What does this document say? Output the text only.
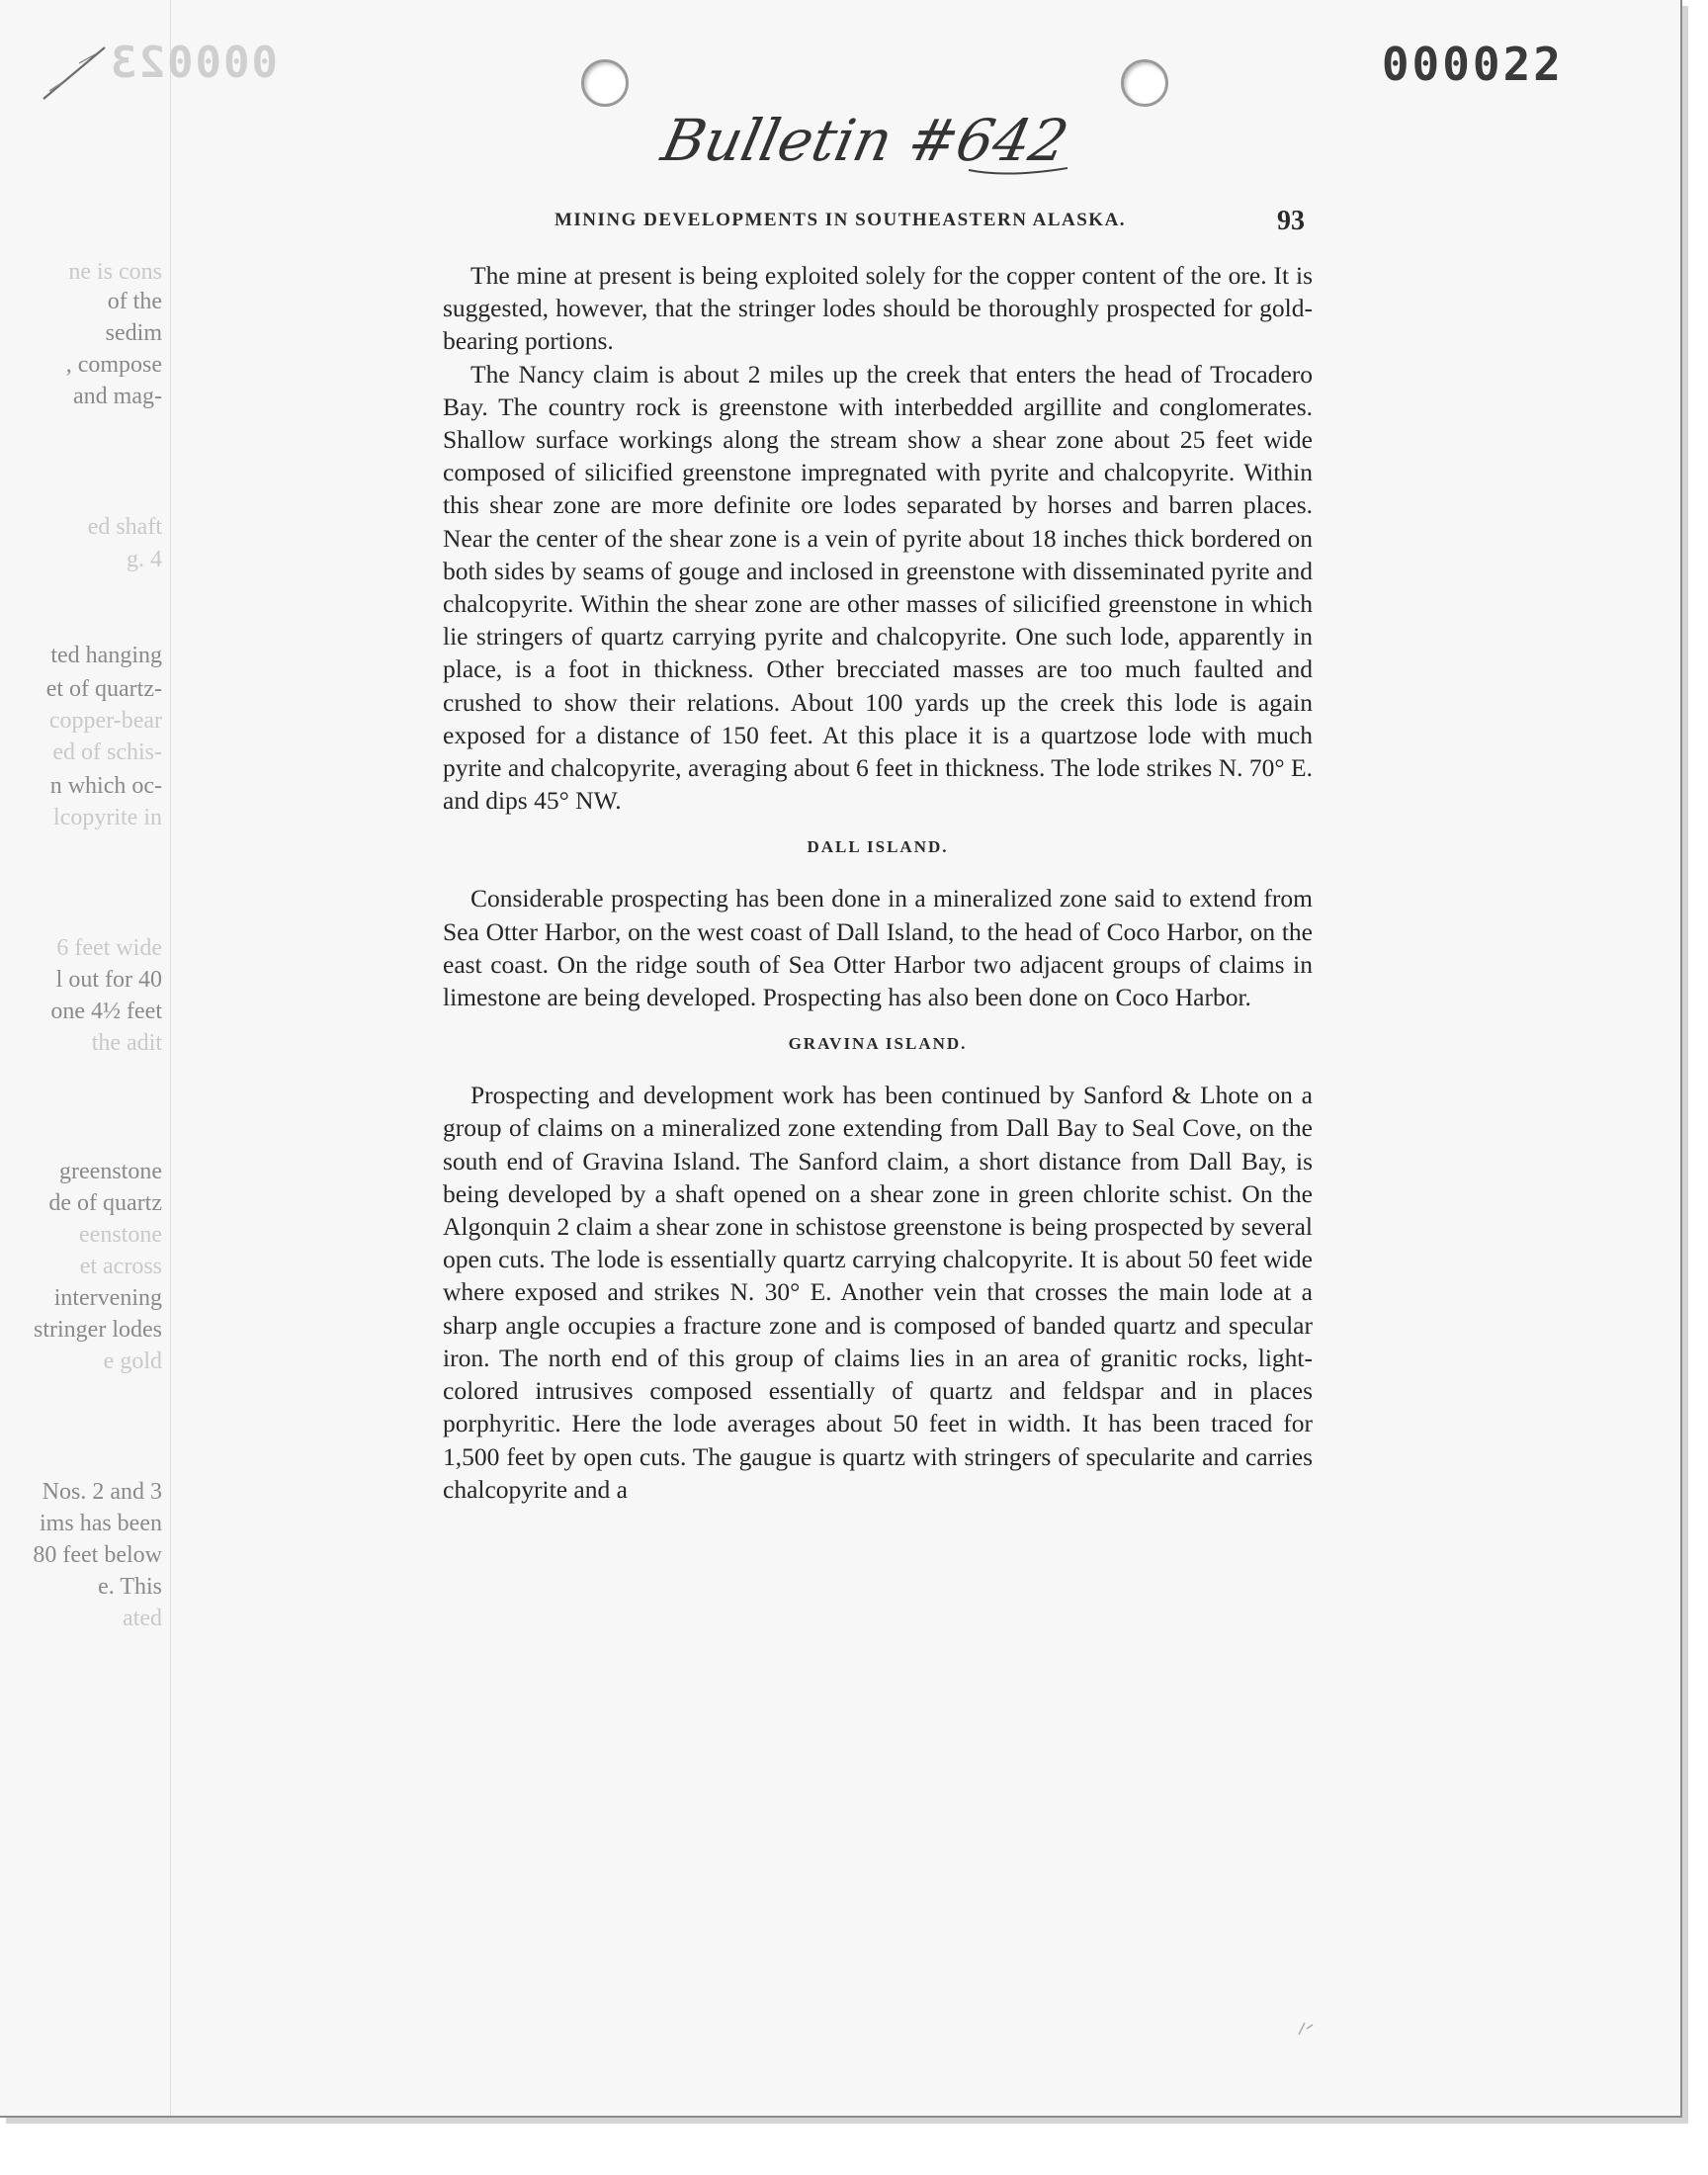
000023
ne is cons
of the
sedim
, compose
and mag-
ed shaft
g. 4
ted hanging
et of quartz-
copper-bear
ed of schis-
n which oc-
lcopyrite in
6 feet wide
l out for 40
one 4½ feet
the adit
greenstone
de of quartz
eenstone
et across
intervening
stringer lodes
e gold
Nos. 2 and 3
ims has been
80 feet below
e. This
ated
000022
Bulletin #642
MINING DEVELOPMENTS IN SOUTHEASTERN ALASKA.	93

The mine at present is being exploited solely for the copper content of the ore. It is suggested, however, that the stringer lodes should be thoroughly prospected for gold-bearing portions.

The Nancy claim is about 2 miles up the creek that enters the head of Trocadero Bay. The country rock is greenstone with interbedded argillite and conglomerates. Shallow surface workings along the stream show a shear zone about 25 feet wide composed of silicified greenstone impregnated with pyrite and chalcopyrite. Within this shear zone are more definite ore lodes separated by horses and barren places. Near the center of the shear zone is a vein of pyrite about 18 inches thick bordered on both sides by seams of gouge and inclosed in greenstone with disseminated pyrite and chalcopyrite. Within the shear zone are other masses of silicified greenstone in which lie stringers of quartz carrying pyrite and chalcopyrite. One such lode, apparently in place, is a foot in thickness. Other brecciated masses are too much faulted and crushed to show their relations. About 100 yards up the creek this lode is again exposed for a distance of 150 feet. At this place it is a quartzose lode with much pyrite and chalcopyrite, averaging about 6 feet in thickness. The lode strikes N. 70° E. and dips 45° NW.

DALL ISLAND.

Considerable prospecting has been done in a mineralized zone said to extend from Sea Otter Harbor, on the west coast of Dall Island, to the head of Coco Harbor, on the east coast. On the ridge south of Sea Otter Harbor two adjacent groups of claims in limestone are being developed. Prospecting has also been done on Coco Harbor.

GRAVINA ISLAND.

Prospecting and development work has been continued by Sanford & Lhote on a group of claims on a mineralized zone extending from Dall Bay to Seal Cove, on the south end of Gravina Island. The Sanford claim, a short distance from Dall Bay, is being developed by a shaft opened on a shear zone in green chlorite schist. On the Algonquin 2 claim a shear zone in schistose greenstone is being prospected by several open cuts. The lode is essentially quartz carrying chalcopyrite. It is about 50 feet wide where exposed and strikes N. 30° E. Another vein that crosses the main lode at a sharp angle occupies a fracture zone and is composed of banded quartz and specular iron. The north end of this group of claims lies in an area of granitic rocks, light-colored intrusives composed essentially of quartz and feldspar and in places porphyritic. Here the lode averages about 50 feet in width. It has been traced for 1,500 feet by open cuts. The gaugue is quartz with stringers of specularite and carries chalcopyrite and a
